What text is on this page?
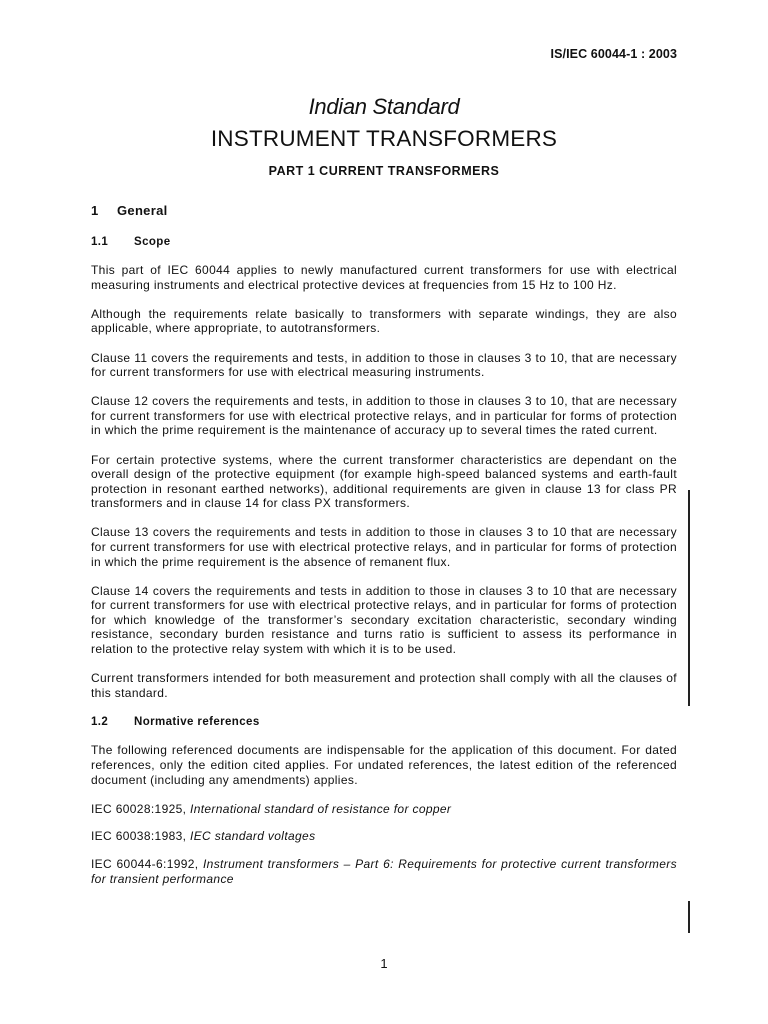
IS/IEC 60044-1 : 2003
Indian Standard
INSTRUMENT TRANSFORMERS
PART 1 CURRENT TRANSFORMERS
1 General
1.1 Scope

This part of IEC 60044 applies to newly manufactured current transformers for use with electrical measuring instruments and electrical protective devices at frequencies from 15 Hz to 100 Hz.

Although the requirements relate basically to transformers with separate windings, they are also applicable, where appropriate, to autotransformers.

Clause 11 covers the requirements and tests, in addition to those in clauses 3 to 10, that are necessary for current transformers for use with electrical measuring instruments.

Clause 12 covers the requirements and tests, in addition to those in clauses 3 to 10, that are necessary for current transformers for use with electrical protective relays, and in particular for forms of protection in which the prime requirement is the maintenance of accuracy up to several times the rated current.

For certain protective systems, where the current transformer characteristics are dependant on the overall design of the protective equipment (for example high-speed balanced systems and earth-fault protection in resonant earthed networks), additional requirements are given in clause 13 for class PR transformers and in clause 14 for class PX transformers.

Clause 13 covers the requirements and tests in addition to those in clauses 3 to 10 that are necessary for current transformers for use with electrical protective relays, and in particular for forms of protection in which the prime requirement is the absence of remanent flux.

Clause 14 covers the requirements and tests in addition to those in clauses 3 to 10 that are necessary for current transformers for use with electrical protective relays, and in particular for forms of protection for which knowledge of the transformer’s secondary excitation characteristic, secondary winding resistance, secondary burden resistance and turns ratio is sufficient to assess its performance in relation to the protective relay system with which it is to be used.

Current transformers intended for both measurement and protection shall comply with all the clauses of this standard.

1.2 Normative references

The following referenced documents are indispensable for the application of this document. For dated references, only the edition cited applies. For undated references, the latest edition of the referenced document (including any amendments) applies.

IEC 60028:1925, International standard of resistance for copper

IEC 60038:1983, IEC standard voltages

IEC 60044-6:1992, Instrument transformers – Part 6: Requirements for protective current transformers for transient performance

1
